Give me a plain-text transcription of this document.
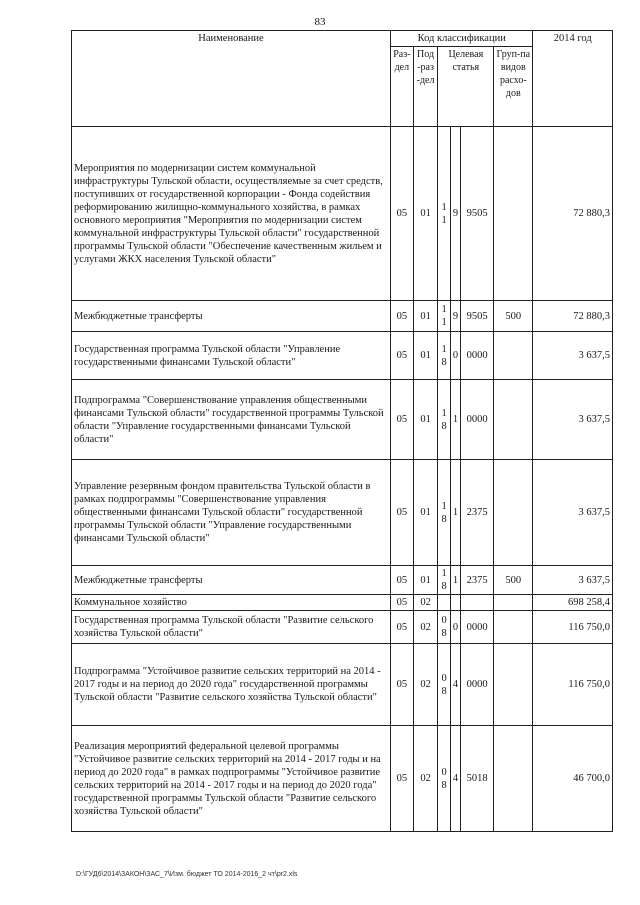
83
Наименование	Код классификации						2014 год
	Раз-дел	Под-раз-дел	Целевая статья			Груп-па видов расхо-дов	
Мероприятия по модернизации систем коммунальной инфраструктуры Тульской области, осуществляемые за счет средств, поступивших от государственной корпорации - Фонда содействия реформированию жилищно-коммунального хозяйства, в рамках основного мероприятия "Мероприятия по модернизации систем коммунальной инфраструктуры Тульской области" государственной программы Тульской области "Обеспечение качественным жильем и услугами ЖКХ населения Тульской области"	05	01	11	9	9505		72 880,3
Межбюджетные трансферты	05	01	11	9	9505	500	72 880,3
Государственная программа Тульской области "Управление государственными финансами Тульской области"	05	01	18	0	0000		3 637,5
Подпрограмма "Совершенствование управления общественными финансами Тульской области" государственной программы Тульской области "Управление государственными финансами Тульской области"	05	01	18	1	0000		3 637,5
Управление резервным фондом правительства Тульской области в рамках подпрограммы "Совершенствование управления общественными финансами Тульской области" государственной программы Тульской области "Управление государственными финансами Тульской области"	05	01	18	1	2375		3 637,5
Межбюджетные трансферты	05	01	18	1	2375	500	3 637,5
Коммунальное хозяйство	05	02					698 258,4
Государственная программа Тульской области "Развитие сельского хозяйства Тульской области"	05	02	08	0	0000		116 750,0
Подпрограмма "Устойчивое развитие сельских территорий на 2014 - 2017 годы и на период до 2020 года" государственной программы Тульской области "Развитие сельского хозяйства Тульской области"	05	02	08	4	0000		116 750,0
Реализация мероприятий федеральной целевой программы "Устойчивое развитие сельских территорий на 2014 - 2017 годы и на период до 2020 года" в рамках подпрограммы "Устойчивое развитие сельских территорий на 2014 - 2017 годы и на период до 2020 года" государственной программы Тульской области "Развитие сельского хозяйства Тульской области"	05	02	08	4	5018		46 700,0
D:\ГУД6\2014\ЗАКОН\ЗАС_7\Изм. бюджет ТО 2014-2016_2 чт\pr2.xls
